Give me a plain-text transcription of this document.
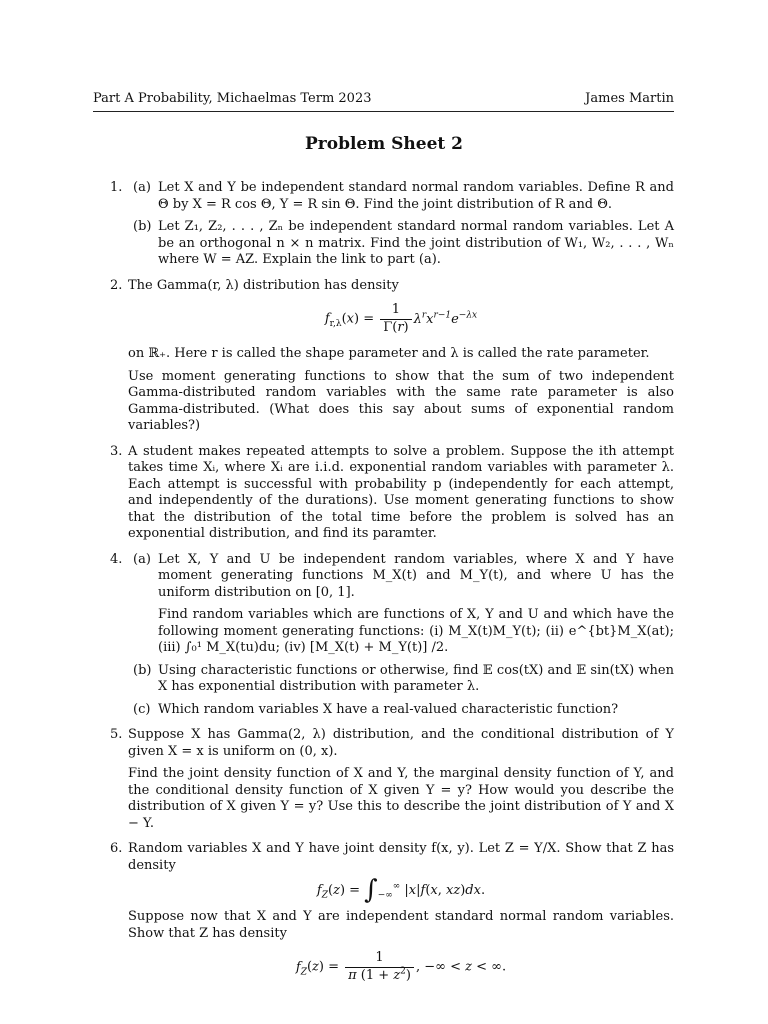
Part A Probability, Michaelmas Term 2023	James Martin
Problem Sheet 2
1. (a) Let X and Y be independent standard normal random variables. Define R and Θ by X = R cos Θ, Y = R sin Θ. Find the joint distribution of R and Θ.

(b) Let Z₁, Z₂, . . . , Zₙ be independent standard normal random variables. Let A be an orthogonal n × n matrix. Find the joint distribution of W₁, W₂, . . . , Wₙ where W = AZ. Explain the link to part (a).

2. The Gamma(r, λ) distribution has density

$f_{r,\lambda}(x) = \frac{1}{\Gamma(r)} \lambda^rx^{r-1}e^{-\lambda x}$

on ℝ₊. Here r is called the shape parameter and λ is called the rate parameter.

Use moment generating functions to show that the sum of two independent Gamma-distributed random variables with the same rate parameter is also Gamma-distributed. (What does this say about sums of exponential random variables?)

3. A student makes repeated attempts to solve a problem. Suppose the ith attempt takes time Xᵢ, where Xᵢ are i.i.d. exponential random variables with parameter λ. Each attempt is successful with probability p (independently for each attempt, and independently of the durations). Use moment generating functions to show that the distribution of the total time before the problem is solved has an exponential distribution, and find its paramter.

4. (a) Let X, Y and U be independent random variables, where X and Y have moment generating functions M_X(t) and M_Y(t), and where U has the uniform distribution on [0, 1].

Find random variables which are functions of X, Y and U and which have the following moment generating functions: (i) M_X(t)M_Y(t); (ii) e^{bt}M_X(at); (iii) ∫₀¹ M_X(tu)du; (iv) [M_X(t) + M_Y(t)] /2.

(b) Using characteristic functions or otherwise, find 𝔼 cos(tX) and 𝔼 sin(tX) when X has exponential distribution with parameter λ.

(c) Which random variables X have a real-valued characteristic function?

5. Suppose X has Gamma(2, λ) distribution, and the conditional distribution of Y given X = x is uniform on (0, x).

Find the joint density function of X and Y, the marginal density function of Y, and the conditional density function of X given Y = y? How would you describe the distribution of X given Y = y? Use this to describe the joint distribution of Y and X − Y.

6. Random variables X and Y have joint density f(x, y). Let Z = Y/X. Show that Z has density

$f_Z(z) = \int_{-\infty}^\infty$ |x|f(x, xz)dx.

Suppose now that X and Y are independent standard normal random variables. Show that Z has density

$f_Z(z) = \frac{1}{\pi (1 + z^2)}$ , −∞ < z < ∞.
